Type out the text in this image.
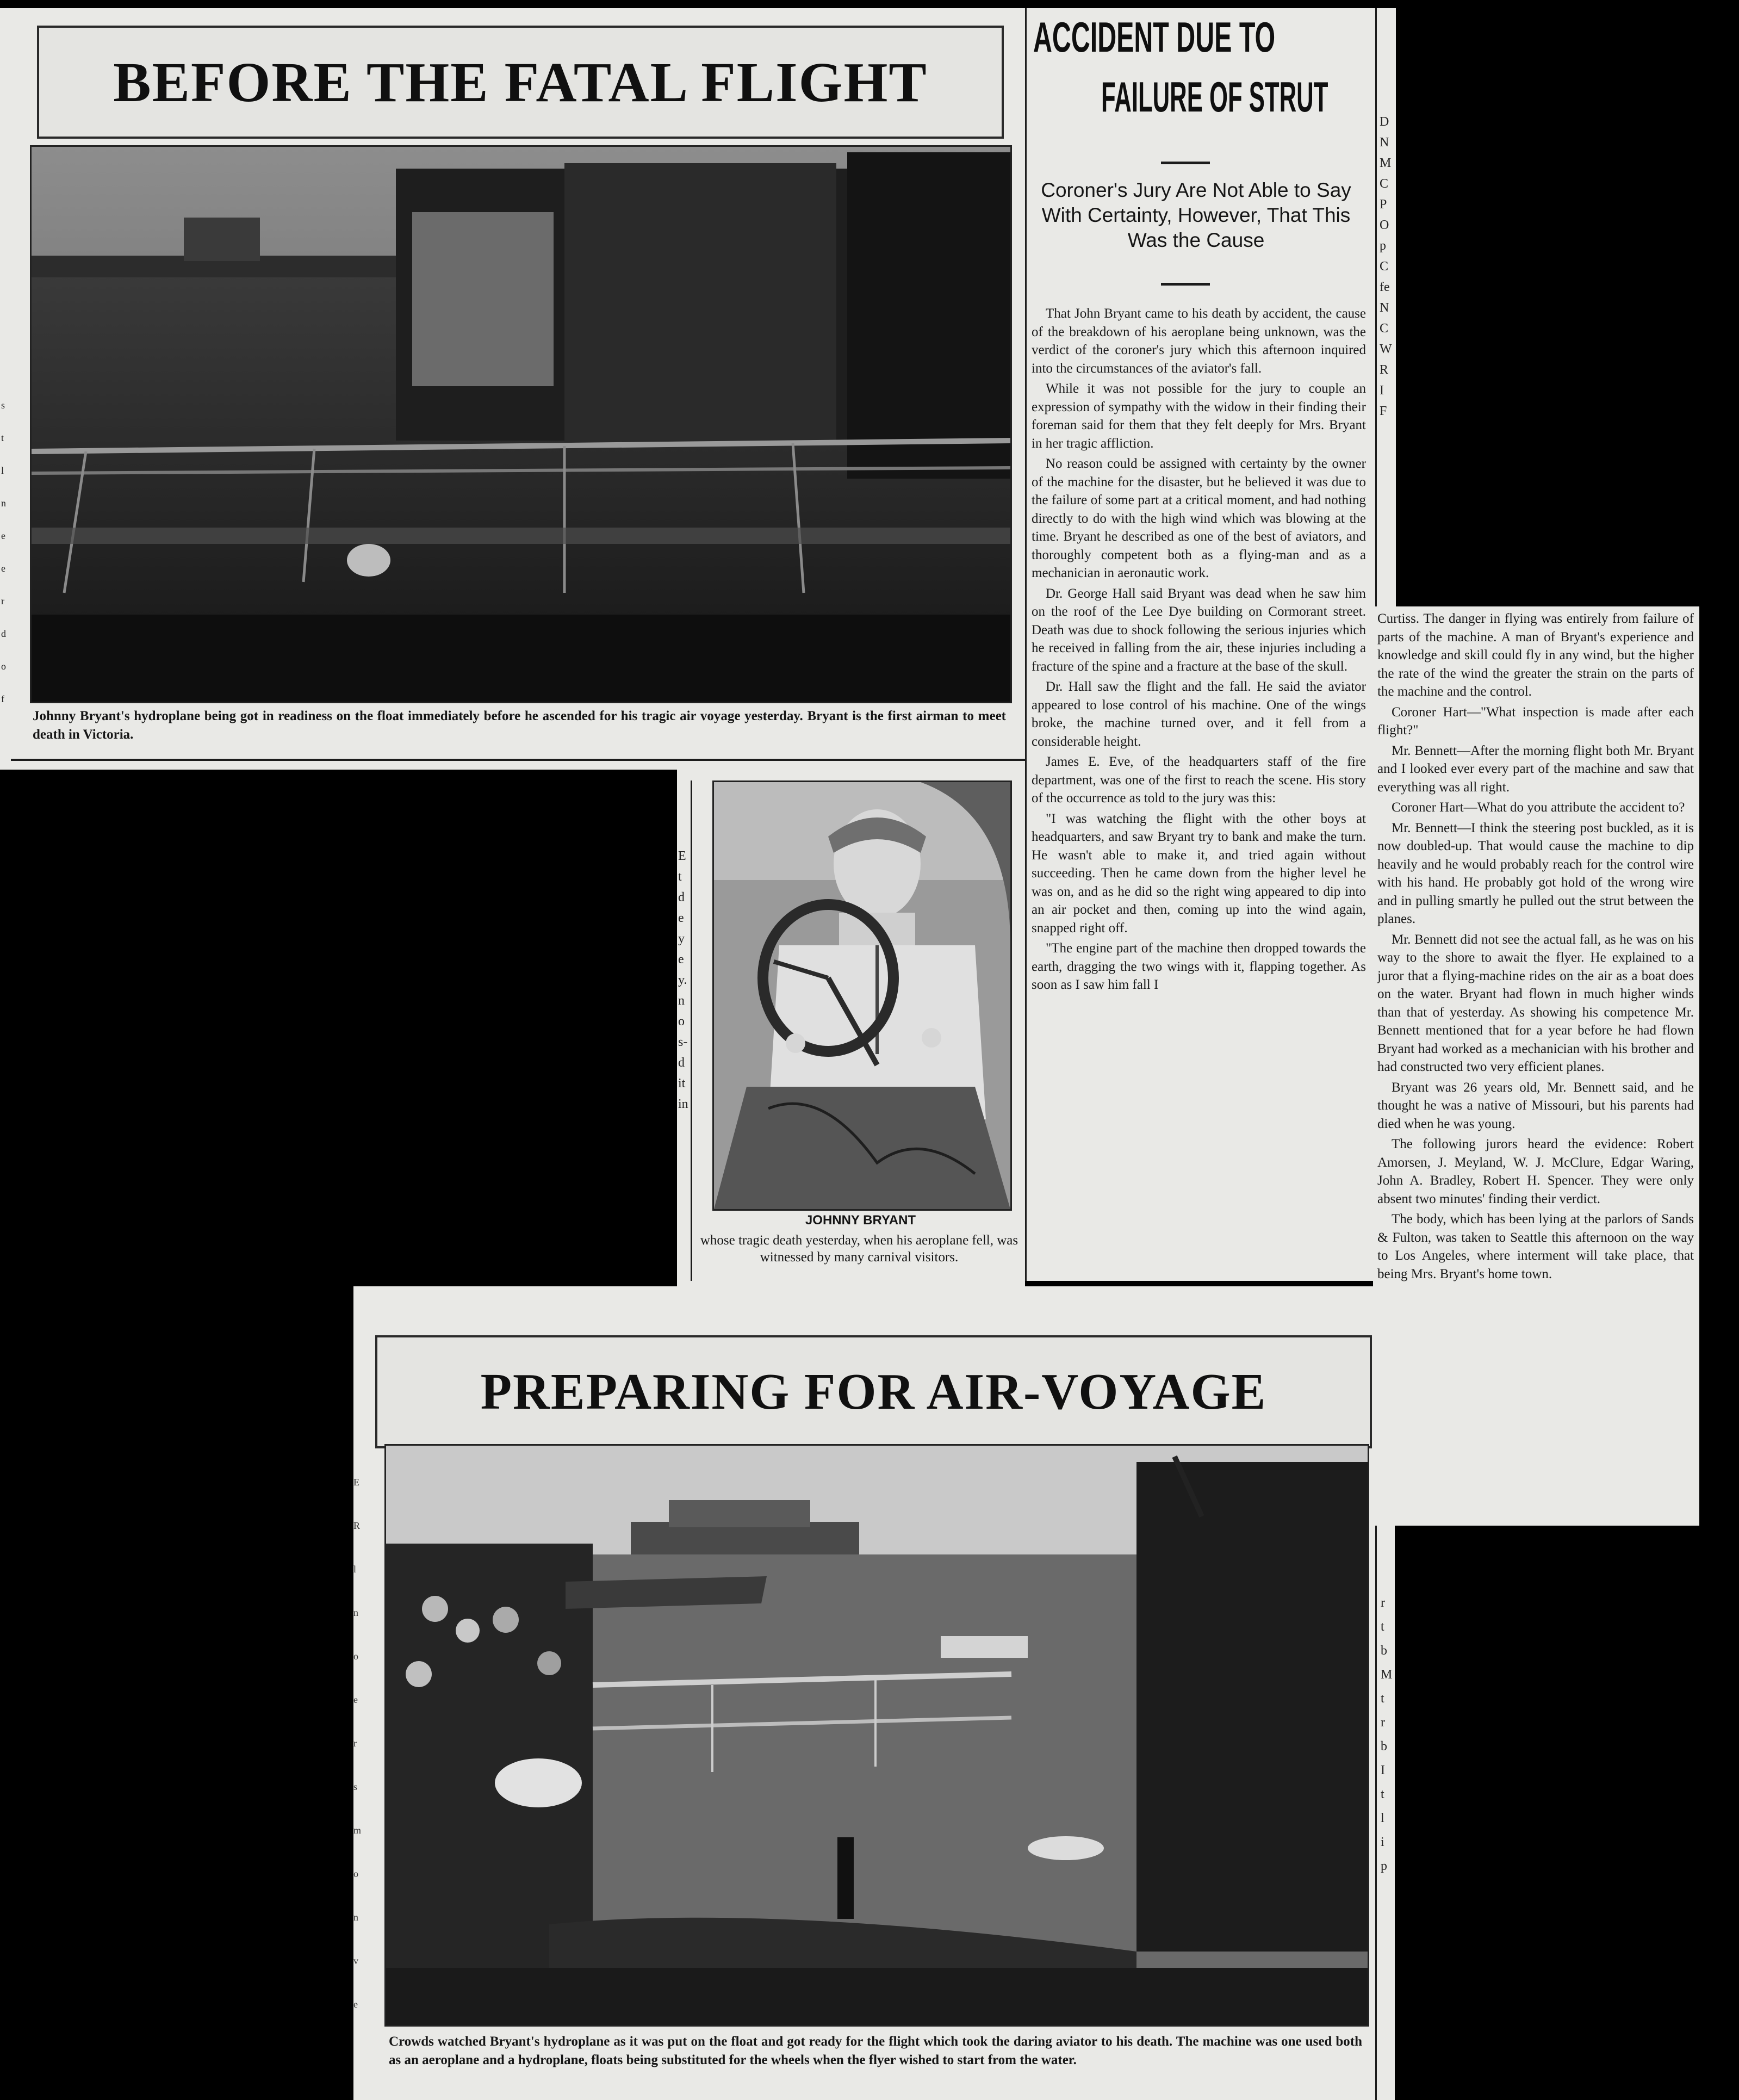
BEFORE THE FATAL FLIGHT
Johnny Bryant's hydroplane being got in readiness on the float immediately before he ascended for his tragic air voyage yesterday. Bryant is the first airman to meet death in Victoria.
ACCIDENT DUE TO
FAILURE OF STRUT
Coroner's Jury Are Not Able to Say With Certainty, However, That This Was the Cause

That John Bryant came to his death by accident, the cause of the breakdown of his aeroplane being unknown, was the verdict of the coroner's jury which this afternoon inquired into the circumstances of the aviator's fall.

While it was not possible for the jury to couple an expression of sympathy with the widow in their finding their foreman said for them that they felt deeply for Mrs. Bryant in her tragic affliction.

No reason could be assigned with certainty by the owner of the machine for the disaster, but he believed it was due to the failure of some part at a critical moment, and had nothing directly to do with the high wind which was blowing at the time. Bryant he described as one of the best of aviators, and thoroughly competent both as a flying-man and as a mechanician in aeronautic work.

Dr. George Hall said Bryant was dead when he saw him on the roof of the Lee Dye building on Cormorant street. Death was due to shock following the serious injuries which he received in falling from the air, these injuries including a fracture of the spine and a fracture at the base of the skull.

Dr. Hall saw the flight and the fall. He said the aviator appeared to lose control of his machine. One of the wings broke, the machine turned over, and it fell from a considerable height.

James E. Eve, of the headquarters staff of the fire department, was one of the first to reach the scene. His story of the occurrence as told to the jury was this:

"I was watching the flight with the other boys at headquarters, and saw Bryant try to bank and make the turn. He wasn't able to make it, and tried again without succeeding. Then he came down from the higher level he was on, and as he did so the right wing appeared to dip into an air pocket and then, coming up into the wind again, snapped right off.

"The engine part of the machine then dropped towards the earth, dragging the two wings with it, flapping together. As soon as I saw him fall I

Curtiss. The danger in flying was entirely from failure of parts of the machine. A man of Bryant's experience and knowledge and skill could fly in any wind, but the higher the rate of the wind the greater the strain on the parts of the machine and the control.

Coroner Hart—"What inspection is made after each flight?"

Mr. Bennett—After the morning flight both Mr. Bryant and I looked ever every part of the machine and saw that everything was all right.

Coroner Hart—What do you attribute the accident to?

Mr. Bennett—I think the steering post buckled, as it is now doubled-up. That would cause the machine to dip heavily and he would probably reach for the control wire with his hand. He probably got hold of the wrong wire and in pulling smartly he pulled out the strut between the planes.

Mr. Bennett did not see the actual fall, as he was on his way to the shore to await the flyer. He explained to a juror that a flying-machine rides on the air as a boat does on the water. Bryant had flown in much higher winds than that of yesterday. As showing his competence Mr. Bennett mentioned that for a year before he had flown Bryant had worked as a mechanician with his brother and had constructed two very efficient planes.

Bryant was 26 years old, Mr. Bennett said, and he thought he was a native of Missouri, but his parents had died when he was young.

The following jurors heard the evidence: Robert Amorsen, J. Meyland, W. J. McClure, Edgar Waring, John A. Bradley, Robert H. Spencer. They were only absent two minutes' finding their verdict.

The body, which has been lying at the parlors of Sands & Fulton, was taken to Seattle this afternoon on the way to Los Angeles, where interment will take place, that being Mrs. Bryant's home town.

D
N
M
C
P
O
p
C
fe
N
C
W
R
I
F
E
t
d
e
y
e
y.
n
o
s-
d
it
in
JOHNNY BRYANT
whose tragic death yesterday, when his aeroplane fell, was witnessed by many carnival visitors.
PREPARING FOR AIR-VOYAGE
Crowds watched Bryant's hydroplane as it was put on the float and got ready for the flight which took the daring aviator to his death. The machine was one used both as an aeroplane and a hydroplane, floats being substituted for the wheels when the flyer wished to start from the water.
E
R
l
n
o
e
r
s
m
o
n
v
e
r
t
b
M
t
r
b
I
t
l
i
p
s
t
l
n
e
e
r
d
o
f
